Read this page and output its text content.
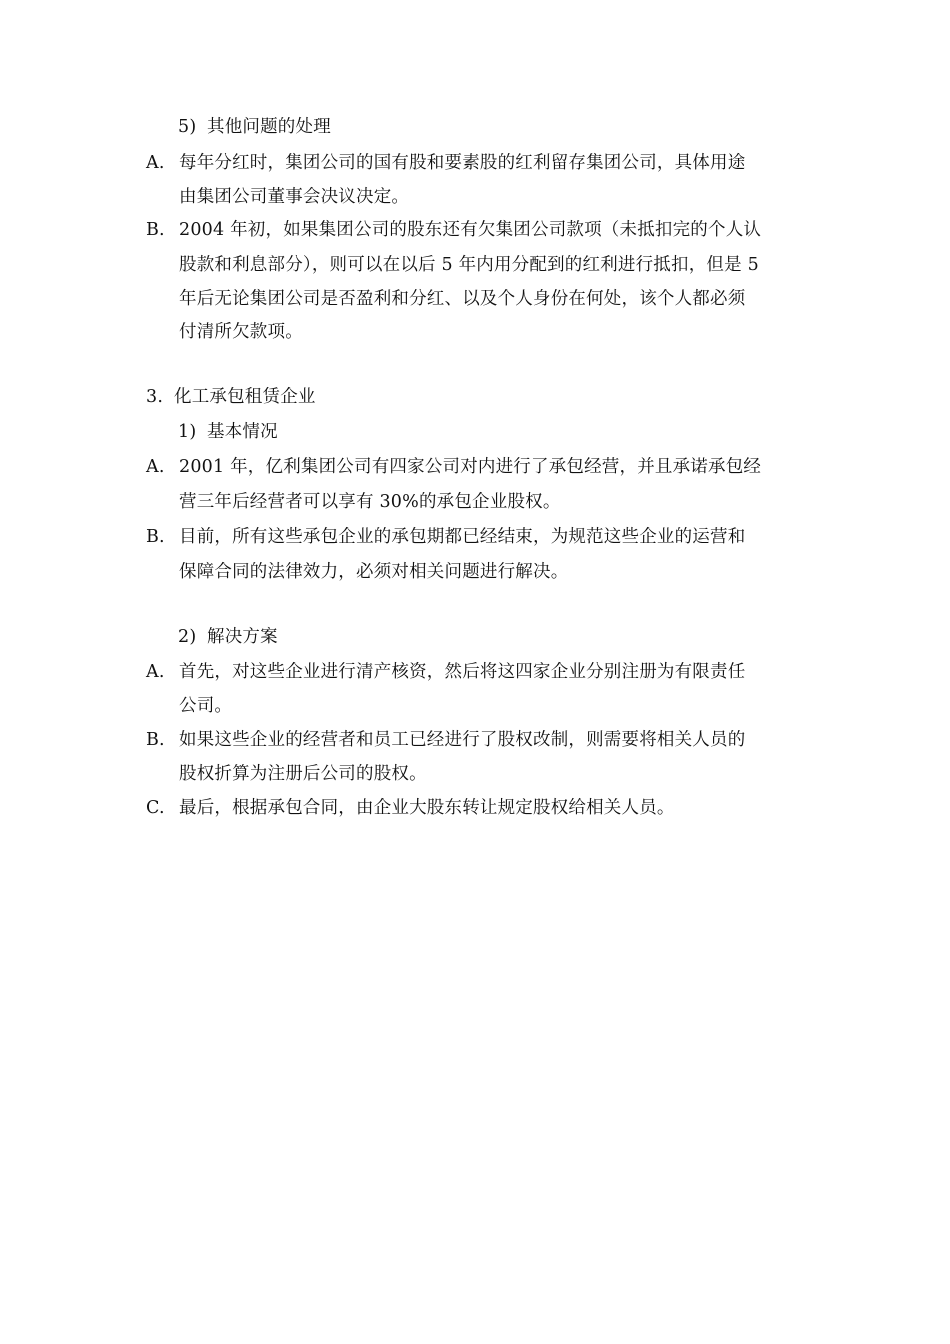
5) 其他问题的处理
A. 每年分红时，集团公司的国有股和要素股的红利留存集团公司，具体用途
由集团公司董事会决议决定。
B. 2004 年初，如果集团公司的股东还有欠集团公司款项（未抵扣完的个人认
股款和利息部分），则可以在以后 5 年内用分配到的红利进行抵扣，但是 5
年后无论集团公司是否盈利和分红、以及个人身份在何处，该个人都必须
付清所欠款项。
3. 化工承包租赁企业
1) 基本情况
A. 2001 年，亿利集团公司有四家公司对内进行了承包经营，并且承诺承包经
营三年后经营者可以享有 30%的承包企业股权。
B. 目前，所有这些承包企业的承包期都已经结束，为规范这些企业的运营和
保障合同的法律效力，必须对相关问题进行解决。
2) 解决方案
A. 首先，对这些企业进行清产核资，然后将这四家企业分别注册为有限责任
公司。
B. 如果这些企业的经营者和员工已经进行了股权改制，则需要将相关人员的
股权折算为注册后公司的股权。
C. 最后，根据承包合同，由企业大股东转让规定股权给相关人员。
